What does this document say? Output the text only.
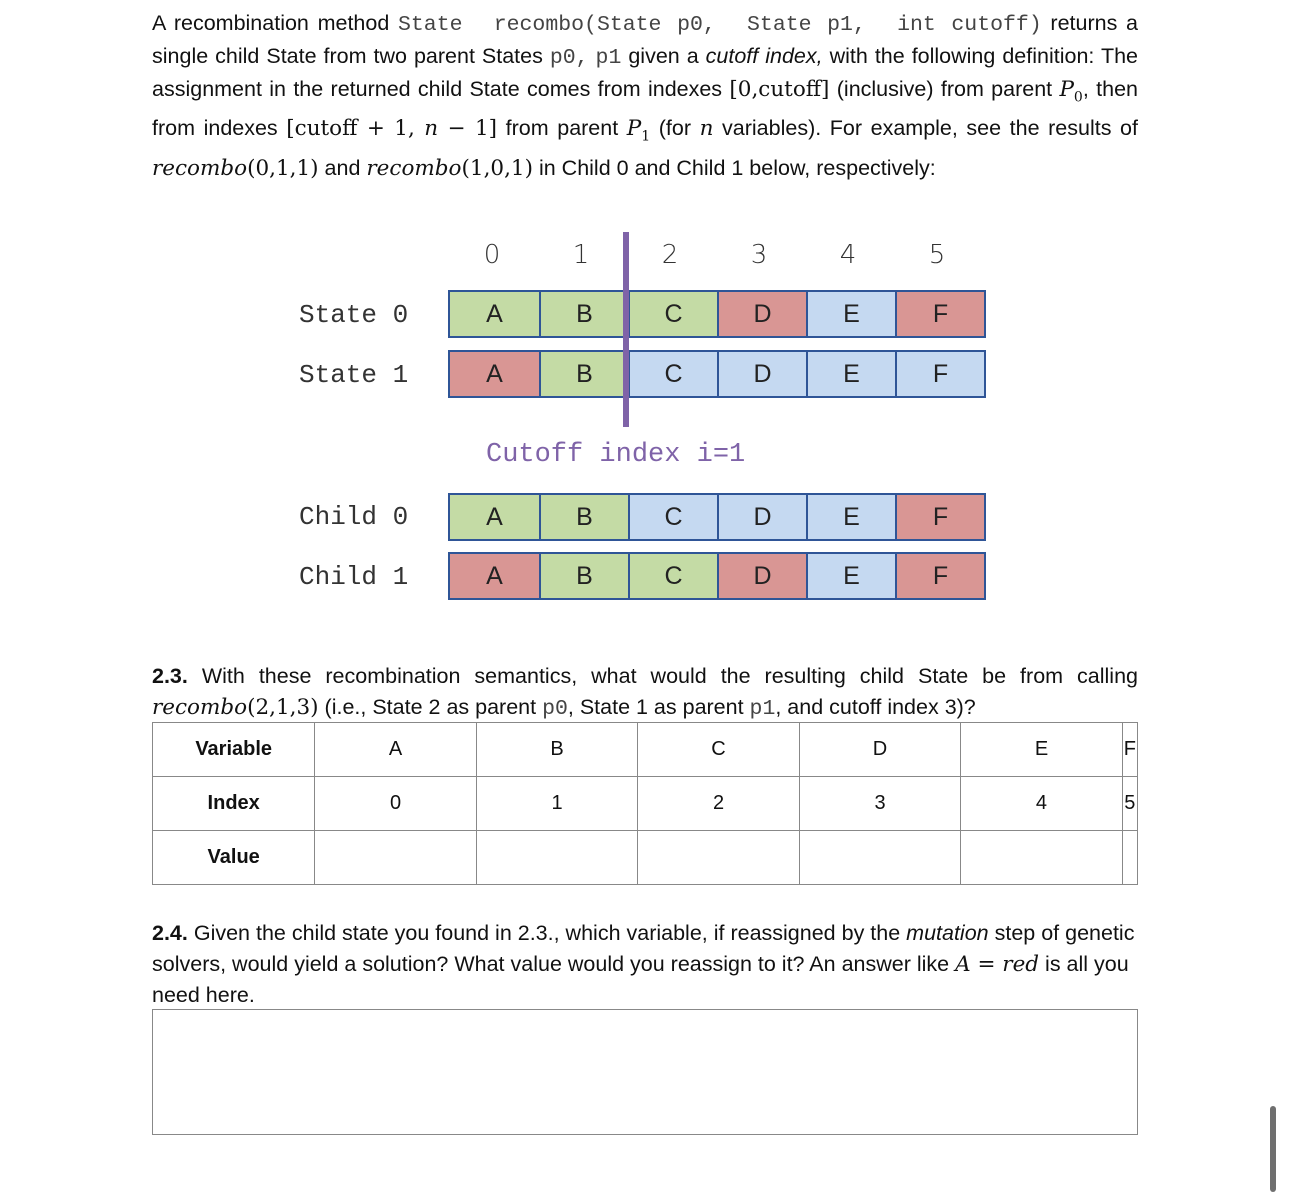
A recombination method State  recombo(State p0,  State p1,  int cutoff) returns a single child State from two parent States p0, p1 given a cutoff index, with the following definition: The assignment in the returned child State comes from indexes [0,cutoff] (inclusive) from parent $P_0$, then from indexes [cutoff + 1, n − 1] from parent $P_1$ (for n variables). For example, see the results of recombo(0,1,1) and recombo(1,0,1) in Child 0 and Child 1 below, respectively:
0	1	2	3	4	5
State 0	A	B	C	D	E	F
State 1	A	B	C	D	E	F
Cutoff index i=1
Child 0	A	B	C	D	E	F
Child 1	A	B	C	D	E	F
2.3. With these recombination semantics, what would the resulting child State be from calling recombo(2,1,3) (i.e., State 2 as parent p0, State 1 as parent p1, and cutoff index 3)?
Variable	A	B	C	D	E	F
Index	0	1	2	3	4	5
Value						
2.4. Given the child state you found in 2.3., which variable, if reassigned by the mutation step of genetic solvers, would yield a solution? What value would you reassign to it? An answer like A = red is all you need here.
